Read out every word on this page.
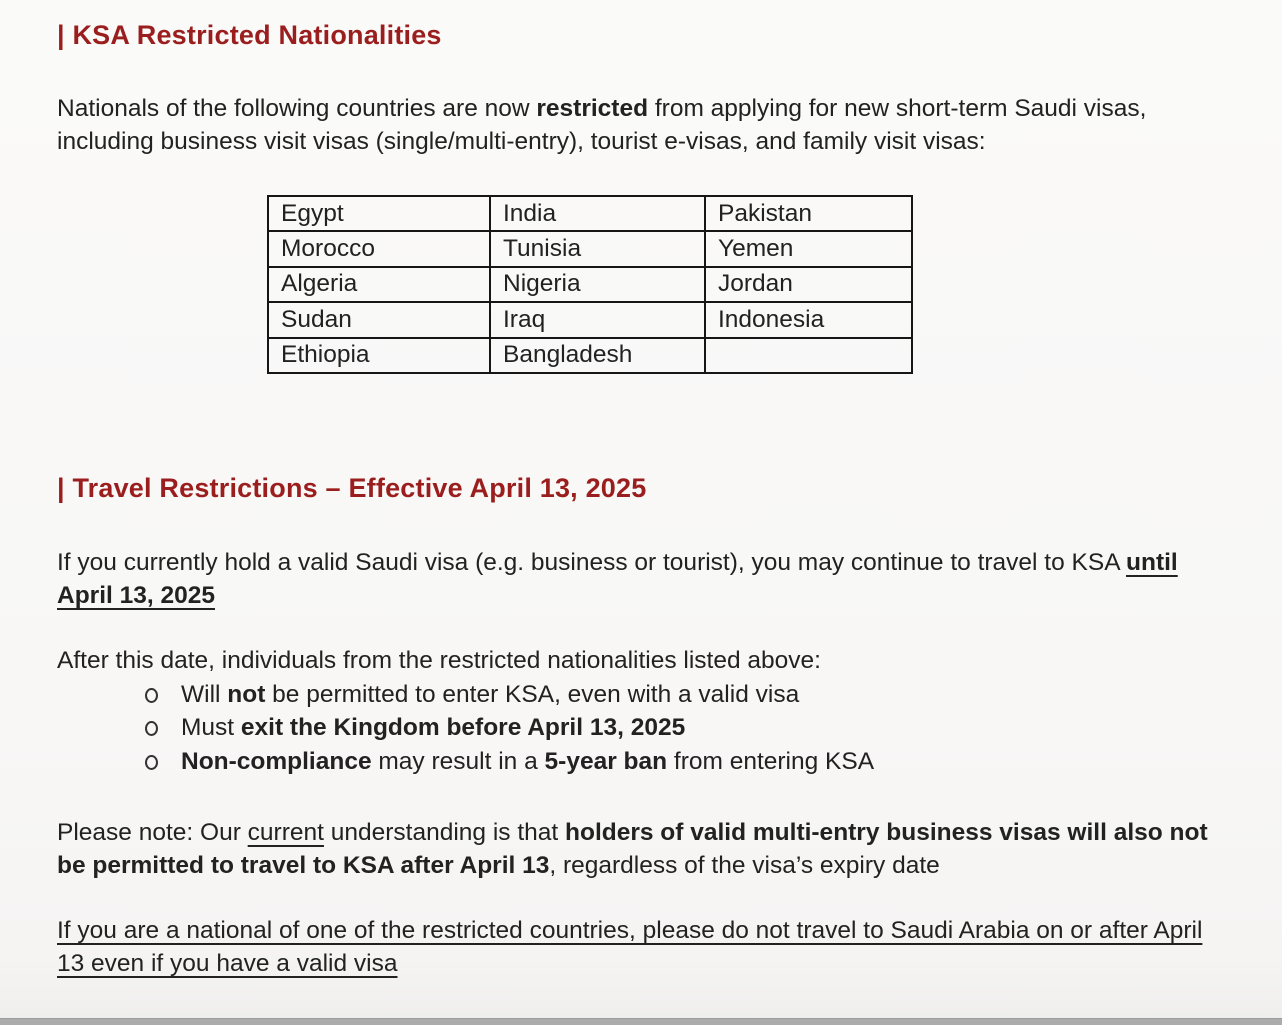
| KSA Restricted Nationalities

Nationals of the following countries are now restricted from applying for new short-term Saudi visas, including business visit visas (single/multi-entry), tourist e-visas, and family visit visas:

Egypt	India	Pakistan
Morocco	Tunisia	Yemen
Algeria	Nigeria	Jordan
Sudan	Iraq	Indonesia
Ethiopia	Bangladesh	
| Travel Restrictions – Effective April 13, 2025

If you currently hold a valid Saudi visa (e.g. business or tourist), you may continue to travel to KSA until April 13, 2025

After this date, individuals from the restricted nationalities listed above:

Will not be permitted to enter KSA, even with a valid visa
Must exit the Kingdom before April 13, 2025
Non-compliance may result in a 5-year ban from entering KSA

Please note: Our current understanding is that holders of valid multi-entry business visas will also not be permitted to travel to KSA after April 13, regardless of the visa’s expiry date

If you are a national of one of the restricted countries, please do not travel to Saudi Arabia on or after April 13 even if you have a valid visa
